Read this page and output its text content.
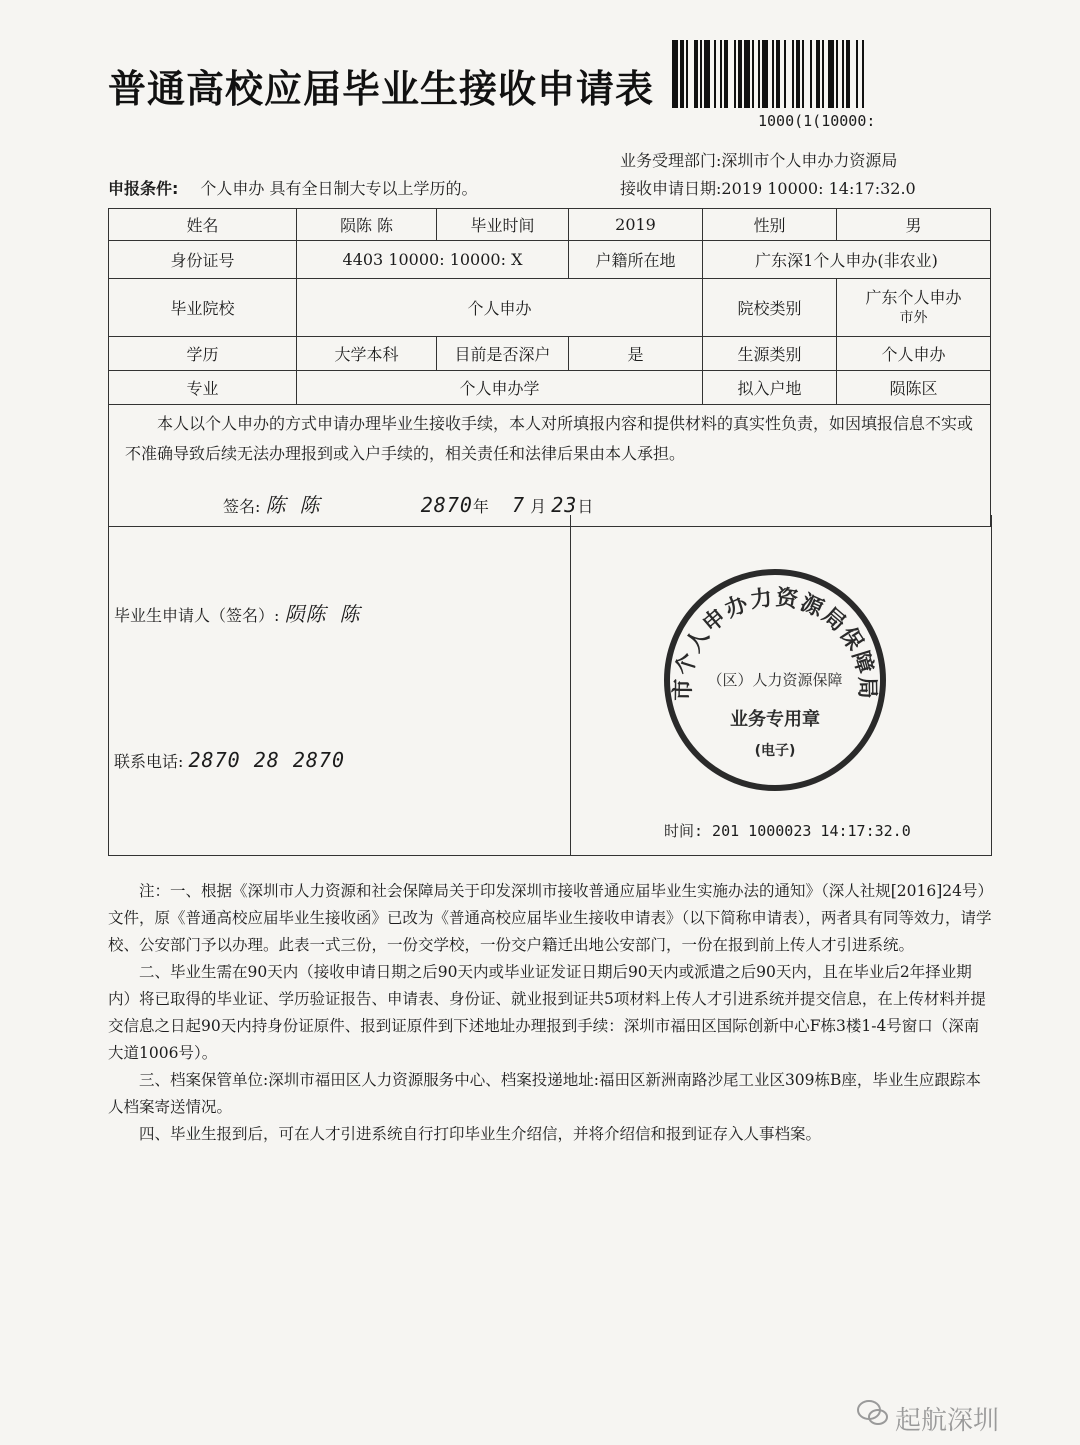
普通高校应届毕业生接收申请表
1000(1(10000:
业务受理部门:深圳市个人申办力资源局
申报条件: 个人申办 具有全日制大专以上学历的。	接收申请日期:2019 10000: 14:17:32.0
姓名	陨陈 陈	毕业时间	2019	性别	男
身份证号	4403 10000: 10000: X		户籍所在地	广东深1个人申办(非农业)	
毕业院校	个人申办			院校类别	广东个人申办
市外

学历	大学本科	目前是否深户	是	生源类别	个人申办
专业	个人申办学			拟入户地	陨陈区

本人以个人申办的方式申请办理毕业生接收手续，本人对所填报内容和提供材料的真实性负责，如因填报信息不实或不准确导致后续无法办理报到或入户手续的，相关责任和法律后果由本人承担。
签名: 陈 陈 2870年 7 月 23日					
毕业生申请人（签名）: 陨陈 陈
联系电话: 2870 28 2870
市个人申办力资源局保障局
（区）人力资源保障
业务专用章
(电子)
时间: 201 1000023 14:17:32.0

注：一、根据《深圳市人力资源和社会保障局关于印发深圳市接收普通应届毕业生实施办法的通知》（深人社规[2016]24号）文件，原《普通高校应届毕业生接收函》已改为《普通高校应届毕业生接收申请表》（以下简称申请表），两者具有同等效力，请学校、公安部门予以办理。此表一式三份，一份交学校，一份交户籍迁出地公安部门，一份在报到前上传人才引进系统。

二、毕业生需在90天内（接收申请日期之后90天内或毕业证发证日期后90天内或派遣之后90天内，且在毕业后2年择业期内）将已取得的毕业证、学历验证报告、申请表、身份证、就业报到证共5项材料上传人才引进系统并提交信息，在上传材料并提交信息之日起90天内持身份证原件、报到证原件到下述地址办理报到手续：深圳市福田区国际创新中心F栋3楼1-4号窗口（深南大道1006号）。

三、档案保管单位:深圳市福田区人力资源服务中心、档案投递地址:福田区新洲南路沙尾工业区309栋B座，毕业生应跟踪本人档案寄送情况。

四、毕业生报到后，可在人才引进系统自行打印毕业生介绍信，并将介绍信和报到证存入人事档案。

起航深圳
